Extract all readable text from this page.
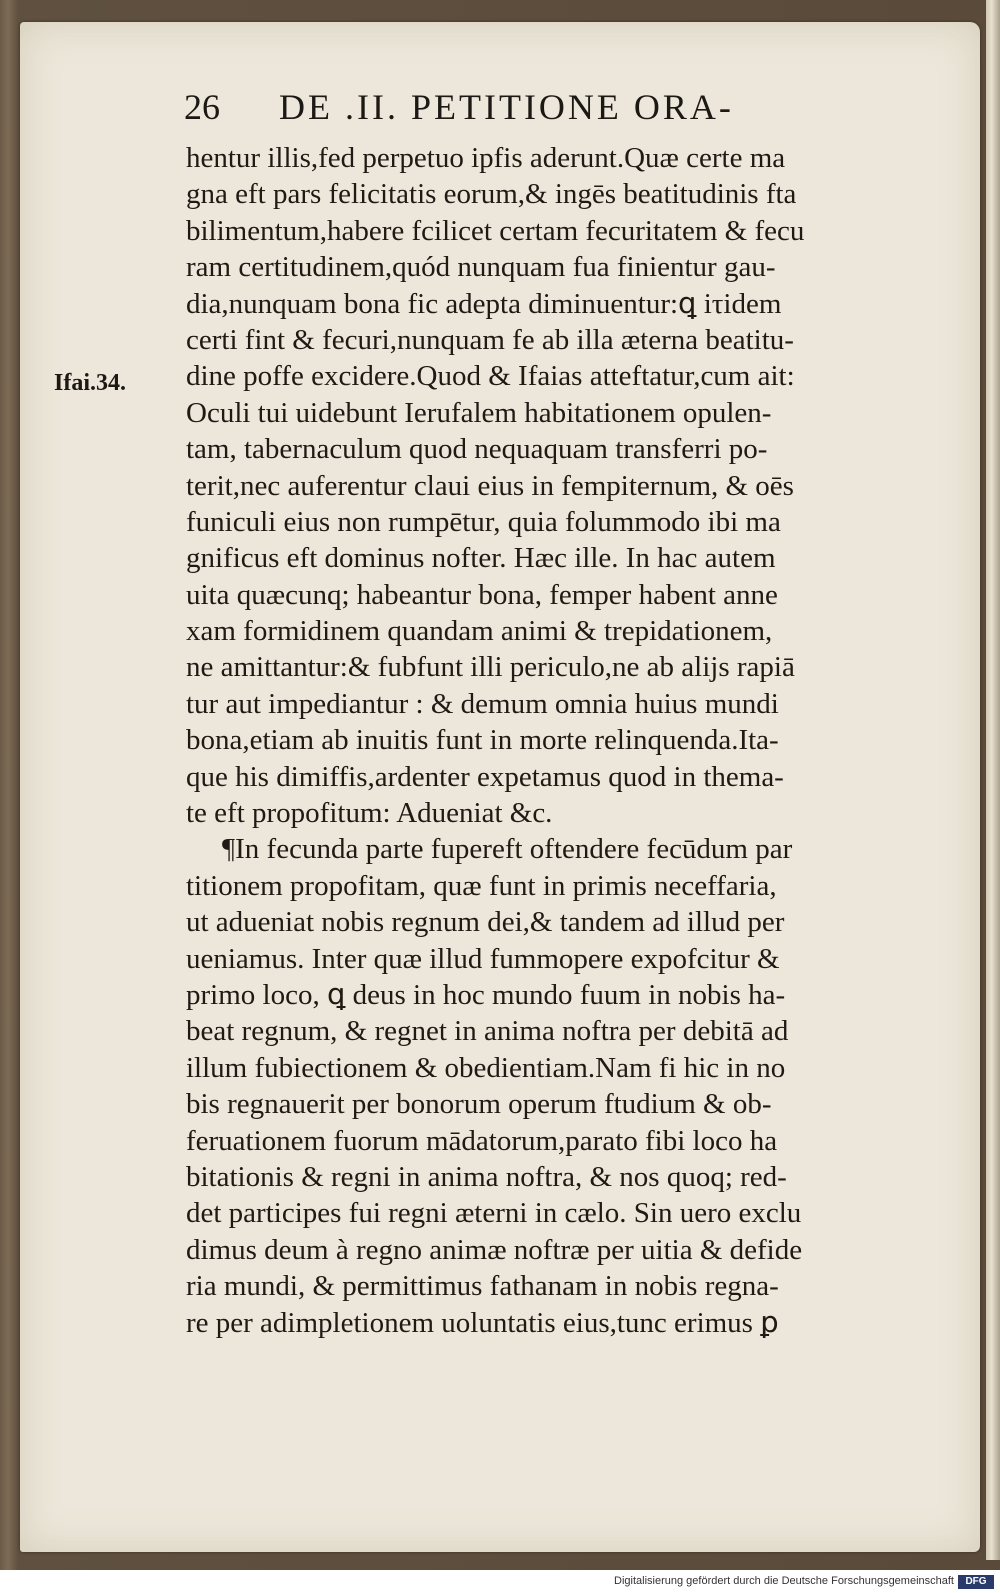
26 DE .II. PETITIONE ORA-
Ifai.34.
hentur illis,fed perpetuo ipfis aderunt.Quæ certe ma
gna eft pars felicitatis eorum,& ingēs beatitudinis fta
bilimentum,habere fcilicet certam fecuritatem & fecu
ram certitudinem,quód nunquam fua finientur gau-
dia,nunquam bona fic adepta diminuentur:ꝗ iτidem
certi fint & fecuri,nunquam fe ab illa æterna beatitu-
dine poffe excidere.Quod & Ifaias atteftatur,cum ait:
Oculi tui uidebunt Ierufalem habitationem opulen-
tam, tabernaculum quod nequaquam transferri po-
terit,nec auferentur claui eius in fempiternum, & oēs
funiculi eius non rumpētur, quia folummodo ibi ma
gnificus eft dominus nofter. Hæc ille. In hac autem
uita quæcunq; habeantur bona, femper habent anne
xam formidinem quandam animi & trepidationem,
ne amittantur:& fubfunt illi periculo,ne ab alijs rapiā
tur aut impediantur : & demum omnia huius mundi
bona,etiam ab inuitis funt in morte relinquenda.Ita-
que his dimiffis,ardenter expetamus quod in thema-
te eft propofitum: Adueniat &c.
¶In fecunda parte fupereft oftendere fecūdum par
titionem propofitam, quæ funt in primis neceffaria,
ut adueniat nobis regnum dei,& tandem ad illud per
ueniamus. Inter quæ illud fummopere expofcitur &
primo loco, ꝗ deus in hoc mundo fuum in nobis ha-
beat regnum, & regnet in anima noftra per debitā ad
illum fubiectionem & obedientiam.Nam fi hic in no
bis regnauerit per bonorum operum ftudium & ob-
feruationem fuorum mādatorum,parato fibi loco ha
bitationis & regni in anima noftra, & nos quoq; red-
det participes fui regni æterni in cælo. Sin uero exclu
dimus deum à regno animæ noftræ per uitia & defide
ria mundi, & permittimus fathanam in nobis regna-
re per adimpletionem uoluntatis eius,tunc erimus ꝑ
Digitalisierung gefördert durch die Deutsche Forschungsgemeinschaft	DFG
